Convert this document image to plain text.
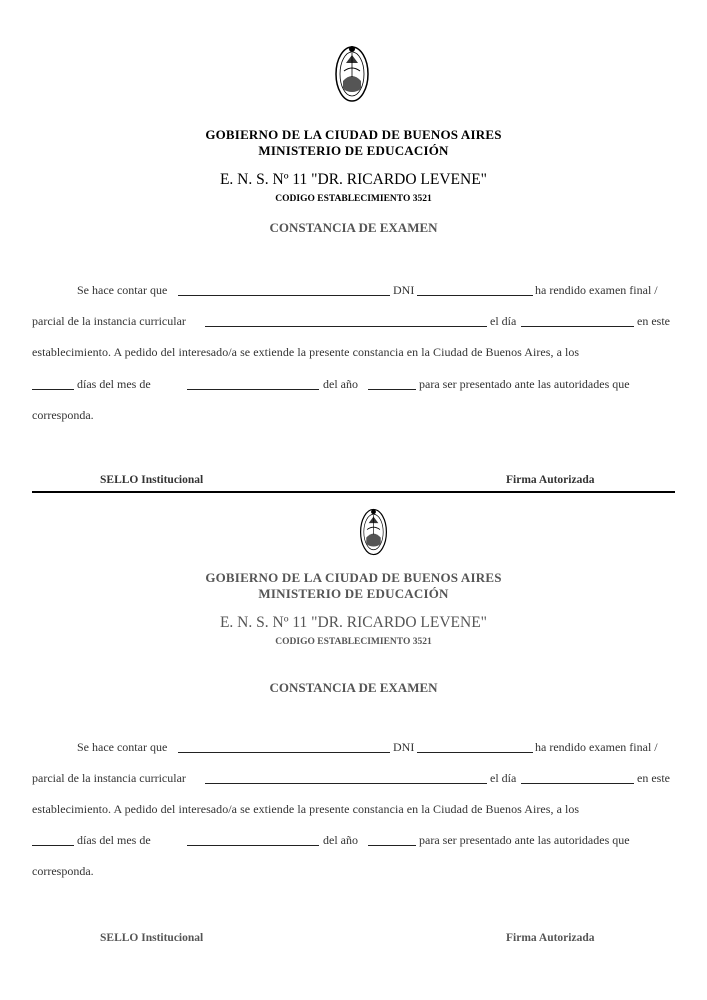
GOBIERNO DE LA CIUDAD DE BUENOS AIRES
MINISTERIO DE EDUCACIÓN
E. N. S. Nº 11 "DR. RICARDO LEVENE"
CODIGO ESTABLECIMIENTO 3521
CONSTANCIA DE EXAMEN
Se hace contar que	DNI	ha rendido examen final /
parcial de la instancia curricular	el día	en este
establecimiento. A pedido del interesado/a se extiende la presente constancia en la Ciudad de Buenos Aires, a los
días del mes de	del año	para ser presentado ante las autoridades que
corresponda.
SELLO Institucional	Firma Autorizada
GOBIERNO DE LA CIUDAD DE BUENOS AIRES
MINISTERIO DE EDUCACIÓN
E. N. S. Nº 11 "DR. RICARDO LEVENE"
CODIGO ESTABLECIMIENTO 3521
CONSTANCIA DE EXAMEN
Se hace contar que	DNI	ha rendido examen final /
parcial de la instancia curricular	el día	en este
establecimiento. A pedido del interesado/a se extiende la presente constancia en la Ciudad de Buenos Aires, a los
días del mes de	del año	para ser presentado ante las autoridades que
corresponda.
SELLO Institucional	Firma Autorizada
